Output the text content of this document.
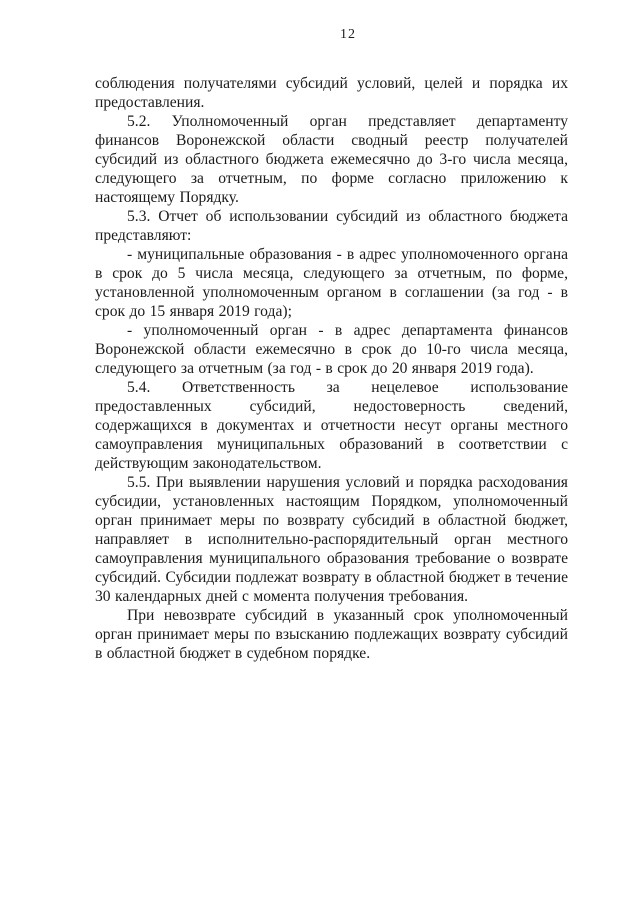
12

соблюдения получателями субсидий условий, целей и порядка их предоставления.

5.2. Уполномоченный орган представляет департаменту финансов Воронежской области сводный реестр получателей субсидий из областного бюджета ежемесячно до 3-го числа месяца, следующего за отчетным, по форме согласно приложению к настоящему Порядку.

5.3. Отчет об использовании субсидий из областного бюджета представляют:

- муниципальные образования - в адрес уполномоченного органа в срок до 5 числа месяца, следующего за отчетным, по форме, установленной уполномоченным органом в соглашении (за год - в срок до 15 января 2019 года);

- уполномоченный орган - в адрес департамента финансов Воронежской области ежемесячно в срок до 10-го числа месяца, следующего за отчетным (за год - в срок до 20 января 2019 года).

5.4. Ответственность за нецелевое использование предоставленных субсидий, недостоверность сведений, содержащихся в документах и отчетности несут органы местного самоуправления муниципальных образований в соответствии с действующим законодательством.

5.5. При выявлении нарушения условий и порядка расходования субсидии, установленных настоящим Порядком, уполномоченный орган принимает меры по возврату субсидий в областной бюджет, направляет в исполнительно-распорядительный орган местного самоуправления муниципального образования требование о возврате субсидий. Субсидии подлежат возврату в областной бюджет в течение 30 календарных дней с момента получения требования.

При невозврате субсидий в указанный срок уполномоченный орган принимает меры по взысканию подлежащих возврату субсидий в областной бюджет в судебном порядке.
